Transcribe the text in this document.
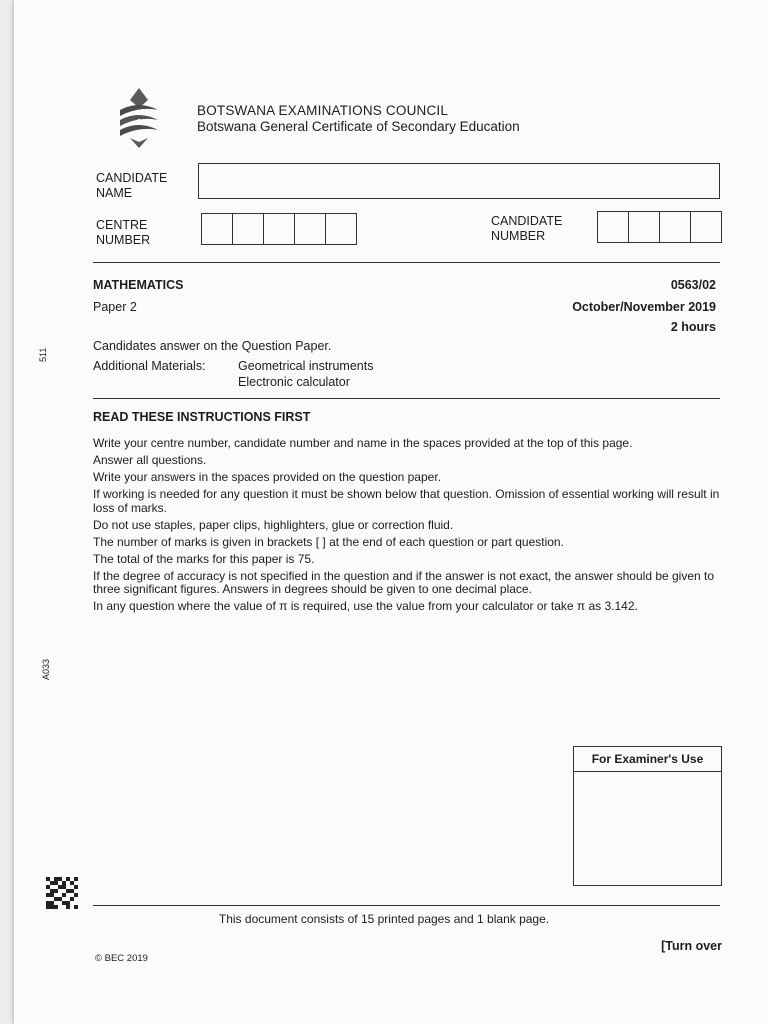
BOTSWANA EXAMINATIONS COUNCIL
Botswana General Certificate of Secondary Education
CANDIDATE
NAME
CENTRE
NUMBER
CANDIDATE
NUMBER
MATHEMATICS	0563/02
Paper 2	October/November 2019
2 hours
Candidates answer on the Question Paper.
Additional Materials:	Geometrical instruments
Electronic calculator
511
A033
READ THESE INSTRUCTIONS FIRST

Write your centre number, candidate number and name in the spaces provided at the top of this page.

Answer all questions.

Write your answers in the spaces provided on the question paper.

If working is needed for any question it must be shown below that question. Omission of essential working will result in loss of marks.

Do not use staples, paper clips, highlighters, glue or correction fluid.

The number of marks is given in brackets [ ] at the end of each question or part question.

The total of the marks for this paper is 75.

If the degree of accuracy is not specified in the question and if the answer is not exact, the answer should be given to three significant figures. Answers in degrees should be given to one decimal place.

In any question where the value of π is required, use the value from your calculator or take π as 3.142.

For Examiner's Use
This document consists of 15 printed pages and 1 blank page.
[Turn over
© BEC 2019
